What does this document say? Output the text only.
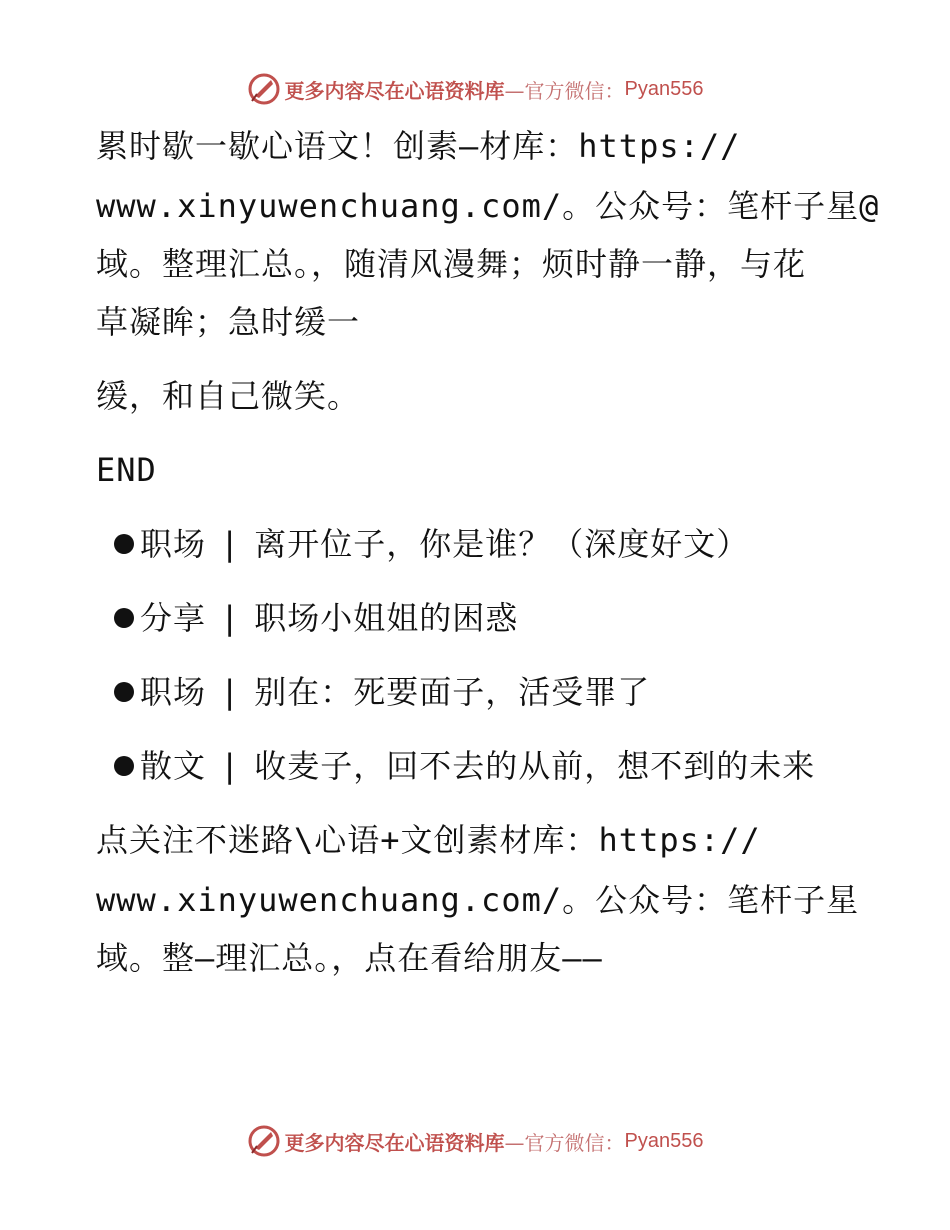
更多内容尽在心语资料库 —官方微信： Pyan556
累时歇一歇心语文！创素—材库：https://
www.xinyuwenchuang.com/。公众号：笔杆子星@
域。整理汇总。，随清风漫舞；烦时静一静，与花
草凝眸；急时缓一
缓，和自己微笑。
END
职场 | 离开位子，你是谁？（深度好文）
分享 | 职场小姐姐的困惑
职场 | 别在：死要面子，活受罪了
散文 | 收麦子，回不去的从前，想不到的未来
点关注不迷路\心语+文创素材库：https://
www.xinyuwenchuang.com/。公众号：笔杆子星
域。整—理汇总。，点在看给朋友——
更多内容尽在心语资料库 —官方微信： Pyan556
